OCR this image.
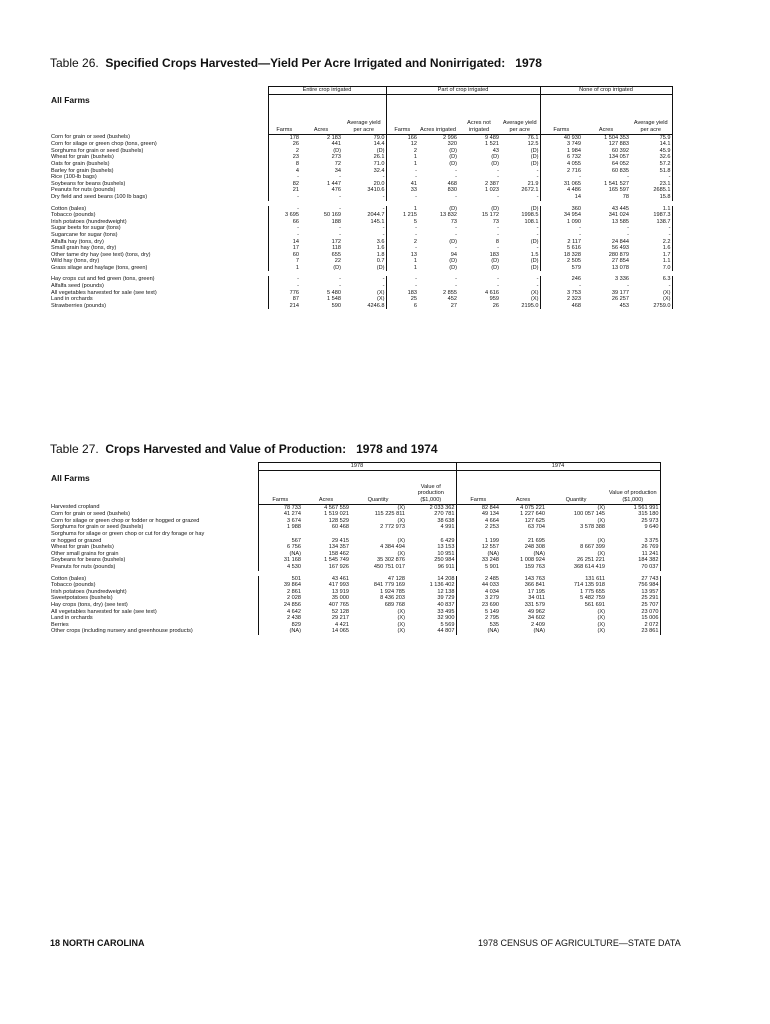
Table 26. Specified Crops Harvested—Yield Per Acre Irrigated and Nonirrigated: 1978
All Farms	Entire crop irrigated			Part of crop irrigated				None of crop irrigated		
	Farms	Acres	Average yield per acre	Farms	Acres irrigated	Acres not irrigated	Average yield per acre	Farms	Acres	Average yield per acre
Corn for grain or seed (bushels)	178	2 183	79.0	166	2 996	9 489	76.1	40 930	1 504 353	75.9
Corn for silage or green chop (tons, green)	26	441	14.4	12	320	1 521	12.5	3 749	127 883	14.1
Sorghums for grain or seed (bushels)	2	(D)	(D)	2	(D)	43	(D)	1 984	60 392	45.9
Wheat for grain (bushels)	23	273	26.1	1	(D)	(D)	(D)	6 732	134 057	32.6
Oats for grain (bushels)	8	72	71.0	1	(D)	(D)	(D)	4 055	64 052	57.2
Barley for grain (bushels)	4	34	32.4	-	-	-	-	2 716	60 835	51.8
Rice (100-lb bags)	-	-	-	-	-	-	-	-	-	-
Soybeans for beans (bushels)	82	1 447	20.0	41	468	2 387	21.9	31 065	1 541 527	23.1
Peanuts for nuts (pounds)	21	476	3410.6	33	830	1 023	2672.1	4 486	165 597	2685.1
Dry field and seed beans (100 lb bags)	-	-	-	-	-	-	-	14	78	15.8

Cotton (bales)	-	-	-	1	(D)	(D)	(D)	360	43 445	1.1
Tobacco (pounds)	3 695	50 169	2044.7	1 215	13 832	15 172	1998.5	34 954	341 024	1987.3
Irish potatoes (hundredweight)	66	188	145.1	5	73	73	108.1	1 090	13 585	138.7
Sugar beets for sugar (tons)	-	-	-	-	-	-	-	-	-	-
Sugarcane for sugar (tons)	-	-	-	-	-	-	-	-	-	-
Alfalfa hay (tons, dry)	14	172	3.6	2	(D)	8	(D)	2 117	24 844	2.2
Small grain hay (tons, dry)	17	118	1.6	-	-	-	-	5 616	56 493	1.6
Other tame dry hay (see text) (tons, dry)	60	655	1.8	13	94	183	1.5	18 328	280 879	1.7
Wild hay (tons, dry)	7	22	0.7	1	(D)	(D)	(D)	2 505	27 854	1.1
Grass silage and haylage (tons, green)	1	(D)	(D)	1	(D)	(D)	(D)	579	13 078	7.0

Hay crops cut and fed green (tons, green)	-	-	-	-	-	-	-	246	3 336	6.3
Alfalfa seed (pounds)	-	-	-	-	-	-	-	-	-	-
All vegetables harvested for sale (see text)	776	5 480	(X)	183	2 855	4 616	(X)	3 753	39 177	(X)
Land in orchards	87	1 548	(X)	25	452	959	(X)	2 323	26 257	(X)
Strawberries (pounds)	214	590	4246.8	6	27	26	2195.0	468	453	2759.0
Table 27. Crops Harvested and Value of Production: 1978 and 1974
All Farms	1978				1974			
	Farms	Acres	Quantity	Value of production ($1,000)	Farms	Acres	Quantity	Value of production ($1,000)
Harvested cropland	78 733	4 567 559	(X)	2 033 362	82 844	4 075 221	(X)	1 561 991
Corn for grain or seed (bushels)	41 274	1 519 021	115 225 811	270 781	49 134	1 227 640	100 057 145	315 180
Corn for silage or green chop or fodder or hogged or grazed	3 674	128 529	(X)	38 638	4 664	127 625	(X)	25 973
Sorghums for grain or seed (bushels)	1 988	60 468	2 772 973	4 991	2 253	63 704	3 578 388	9 640
Sorghums for silage or green chop or cut for dry forage or hay								
or hogged or grazed	567	29 415	(X)	6 429	1 199	21 695	(X)	3 375
Wheat for grain (bushels)	6 756	134 357	4 384 494	13 153	12 557	248 308	8 667 399	26 769
Other small grains for grain	(NA)	158 462	(X)	10 951	(NA)	(NA)	(X)	11 241
Soybeans for beans (bushels)	31 168	1 545 749	35 302 876	250 984	33 248	1 008 924	26 251 221	184 382
Peanuts for nuts (pounds)	4 530	167 926	450 751 017	96 911	5 901	159 763	368 614 419	70 037

Cotton (bales)	501	43 461	47 128	14 208	2 485	143 763	131 611	27 743
Tobacco (pounds)	39 864	417 993	841 779 169	1 136 402	44 033	366 841	714 135 918	756 984
Irish potatoes (hundredweight)	2 861	13 919	1 924 785	12 138	4 034	17 195	1 775 655	13 957
Sweetpotatoes (bushels)	2 028	35 000	8 436 203	39 729	3 279	34 011	5 482 759	25 291
Hay crops (tons, dry) (see text)	24 856	407 765	689 768	40 837	23 690	331 579	561 691	25 707
All vegetables harvested for sale (see text)	4 642	52 128	(X)	33 495	5 149	49 962	(X)	23 070
Land in orchards	2 438	29 217	(X)	32 900	2 795	34 602	(X)	15 006
Berries	829	4 421	(X)	5 569	535	2 409	(X)	2 072
Other crops (including nursery and greenhouse products)	(NA)	14 065	(X)	44 807	(NA)	(NA)	(X)	23 861
18 NORTH CAROLINA	1978 CENSUS OF AGRICULTURE—STATE DATA
